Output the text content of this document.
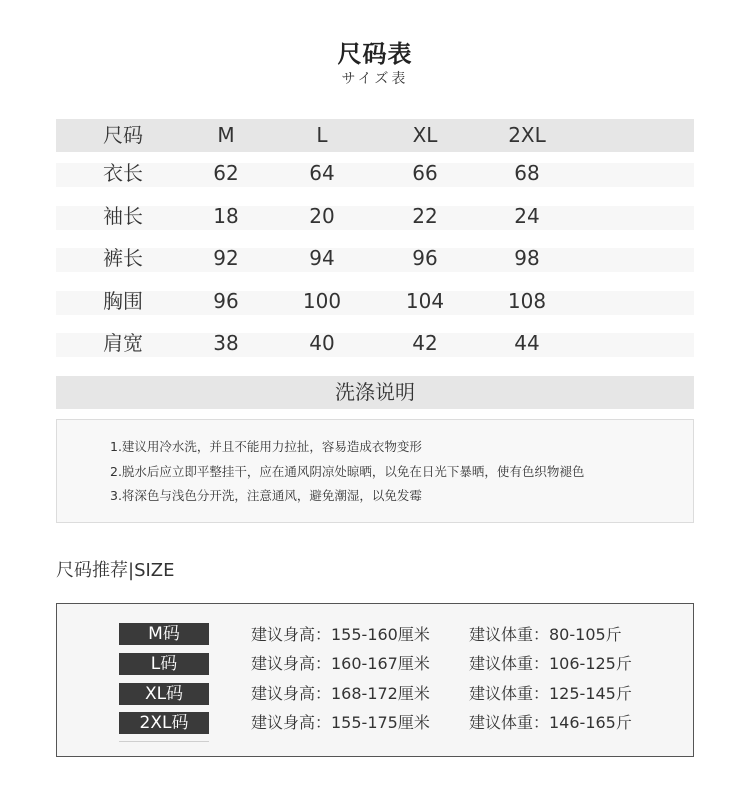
尺码表
サイズ表
尺码	M	L	XL	2XL
衣长	62	64	66	68
袖长	18	20	22	24
裤长	92	94	96	98
胸围	96	100	104	108
肩宽	38	40	42	44
洗涤说明
1.建议用冷水洗，并且不能用力拉扯，容易造成衣物变形
2.脱水后应立即平整挂干，应在通风阴凉处晾晒，以免在日光下暴晒，使有色织物褪色
3.将深色与浅色分开洗，注意通风，避免潮湿，以免发霉
尺码推荐|SIZE
M码	建议身高：155-160厘米 建议体重：80-105斤
L码	建议身高：160-167厘米 建议体重：106-125斤
XL码	建议身高：168-172厘米 建议体重：125-145斤
2XL码	建议身高：155-175厘米 建议体重：146-165斤
